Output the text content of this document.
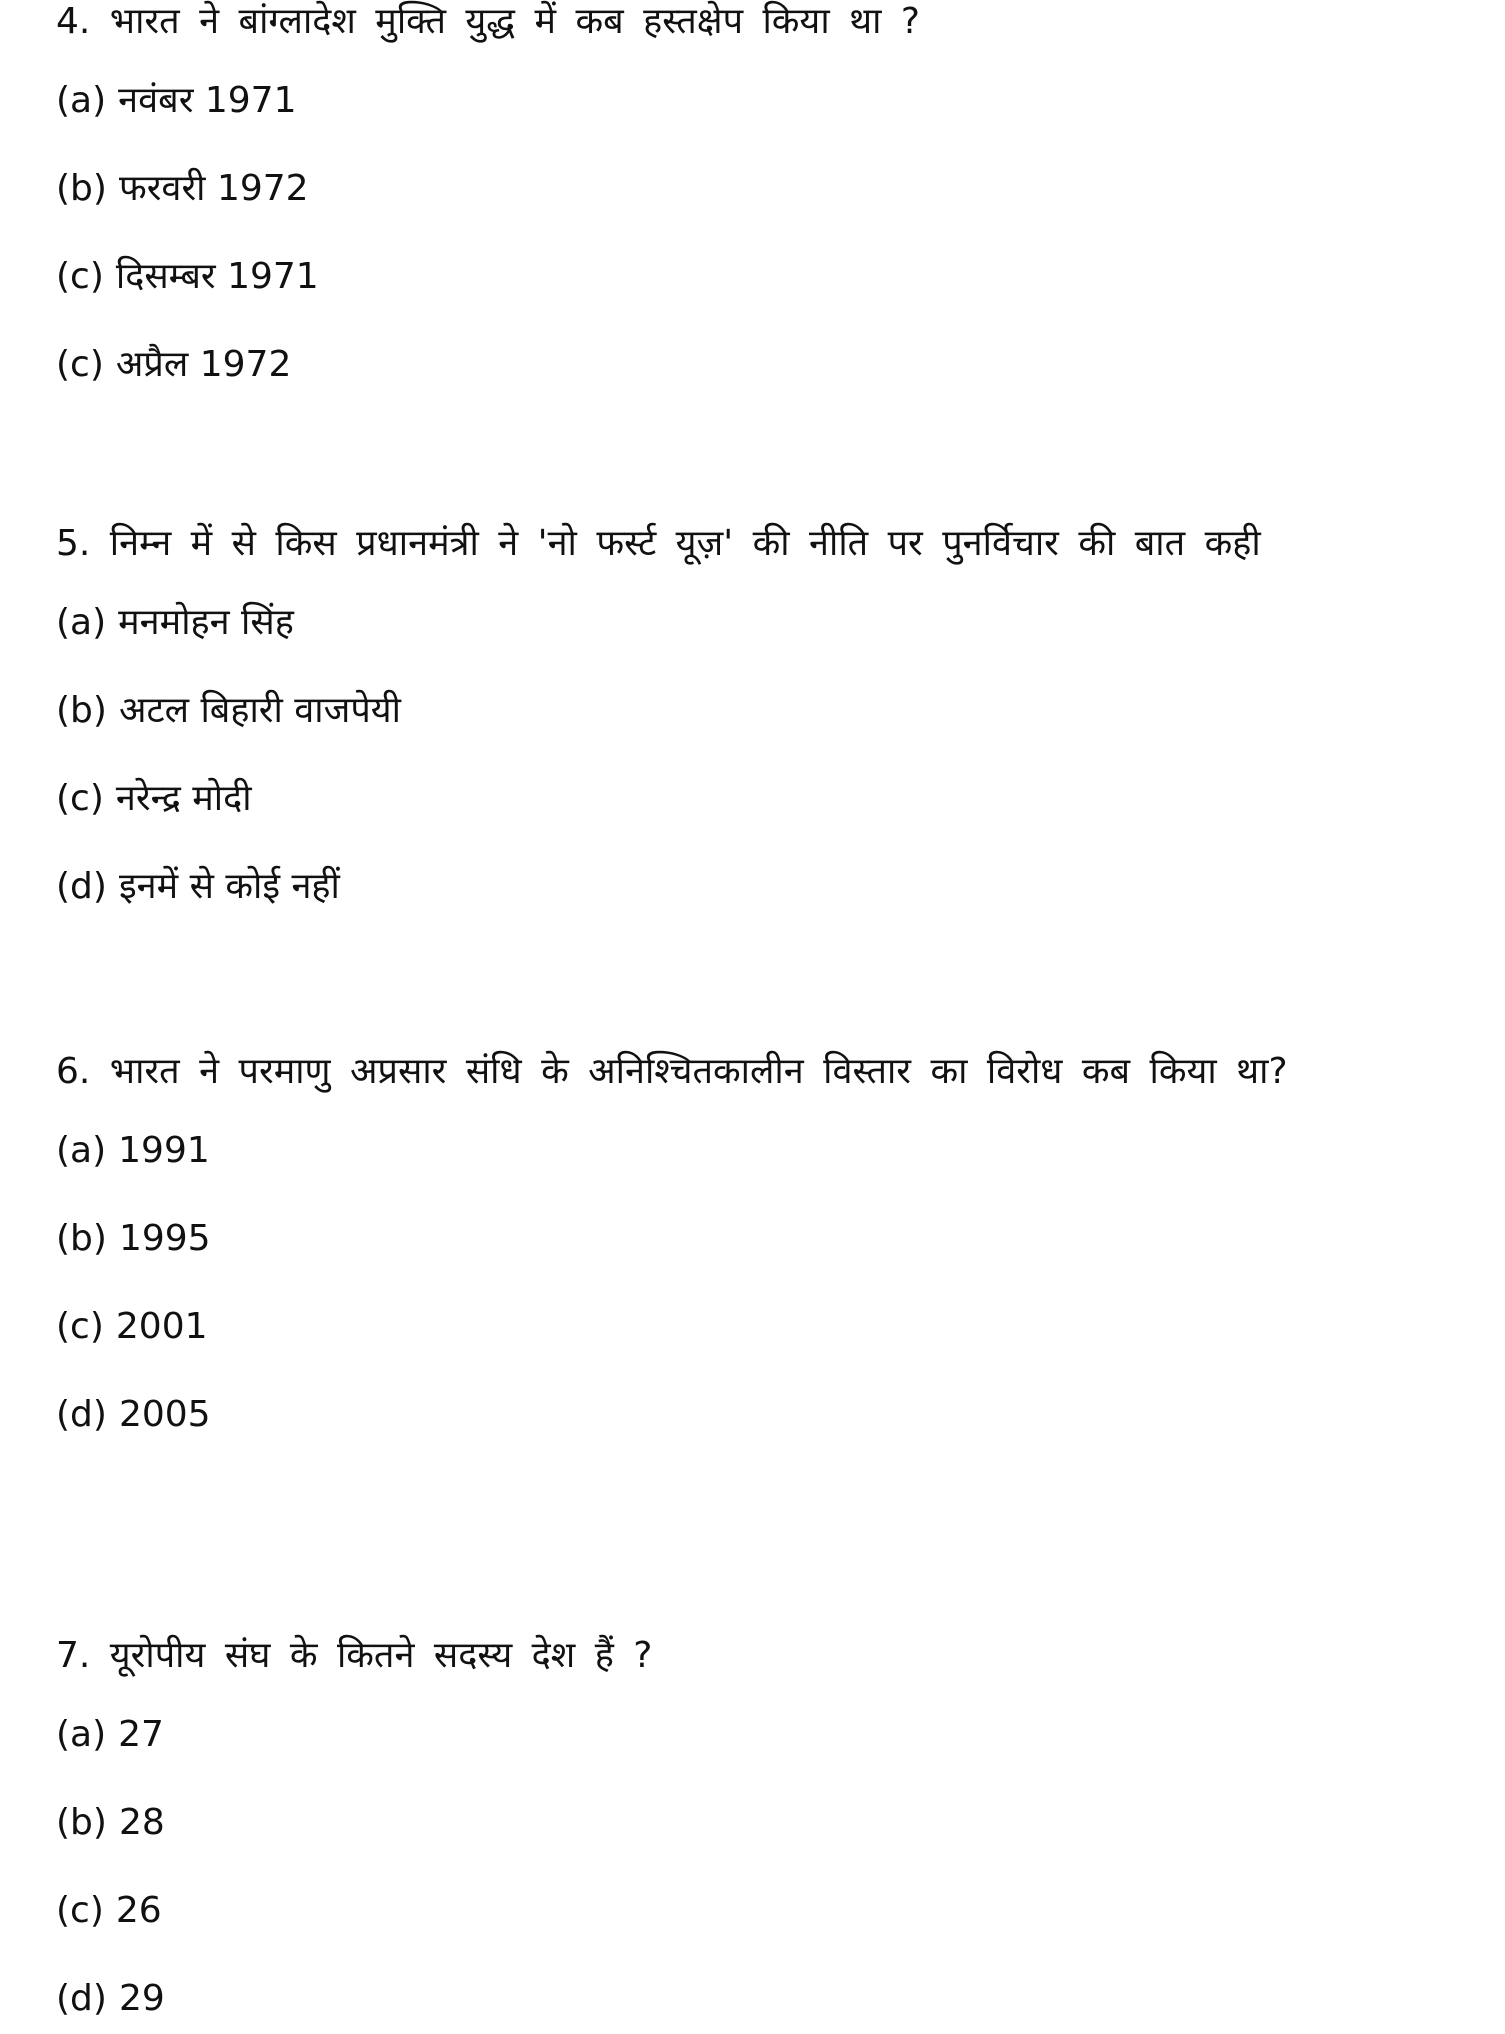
4. भारत ने बांग्लादेश मुक्ति युद्ध में कब हस्तक्षेप किया था ?

(a) नवंबर 1971
(b) फरवरी 1972
(c) दिसम्बर 1971
(c) अप्रैल 1972

5. निम्न में से किस प्रधानमंत्री ने 'नो फर्स्ट यूज़' की नीति पर पुनर्विचार की बात कही

(a) मनमोहन सिंह
(b) अटल बिहारी वाजपेयी
(c) नरेन्द्र मोदी
(d) इनमें से कोई नहीं

6. भारत ने परमाणु अप्रसार संधि के अनिश्चितकालीन विस्तार का विरोध कब किया था?

(a) 1991
(b) 1995
(c) 2001
(d) 2005

7. यूरोपीय संघ के कितने सदस्य देश हैं ?

(a) 27
(b) 28
(c) 26
(d) 29
